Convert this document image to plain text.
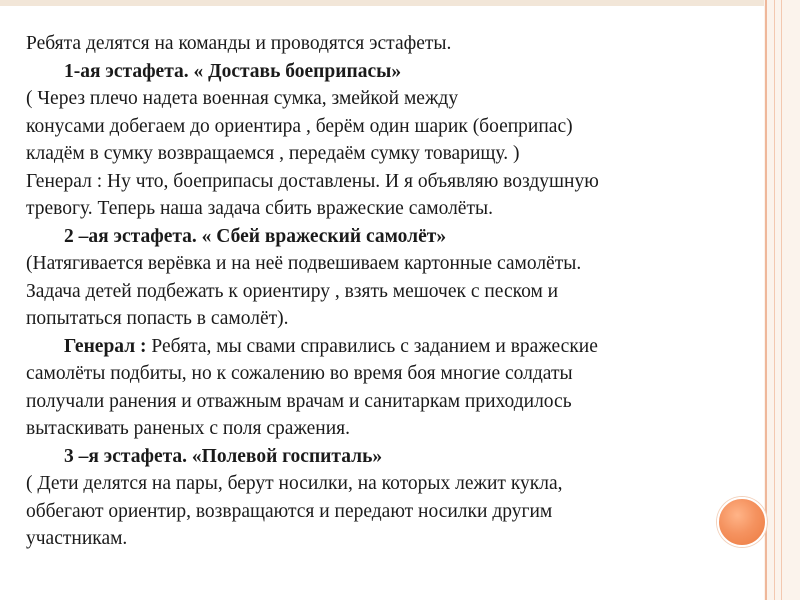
Ребята делятся на команды и проводятся эстафеты.
1-ая эстафета. « Доставь боеприпасы»
( Через плечо надета военная сумка, змейкой между
конусами добегаем до ориентира , берём один шарик (боеприпас)
кладём в сумку возвращаемся , передаём сумку товарищу. )
Генерал : Ну что, боеприпасы доставлены. И я объявляю воздушную
тревогу. Теперь наша задача сбить вражеские самолёты.
2 –ая эстафета. « Сбей вражеский самолёт»
(Натягивается верёвка и на неё подвешиваем картонные самолёты.
Задача детей подбежать к ориентиру , взять мешочек с песком и
попытаться попасть в самолёт).
Генерал : Ребята, мы свами справились с заданием и вражеские
самолёты подбиты, но к сожалению во время боя многие солдаты
получали ранения и отважным врачам и санитаркам приходилось
вытаскивать раненых с поля сражения.
3 –я эстафета. «Полевой госпиталь»
( Дети делятся на пары, берут носилки, на которых лежит кукла,
оббегают ориентир, возвращаются и передают носилки другим
участникам.
